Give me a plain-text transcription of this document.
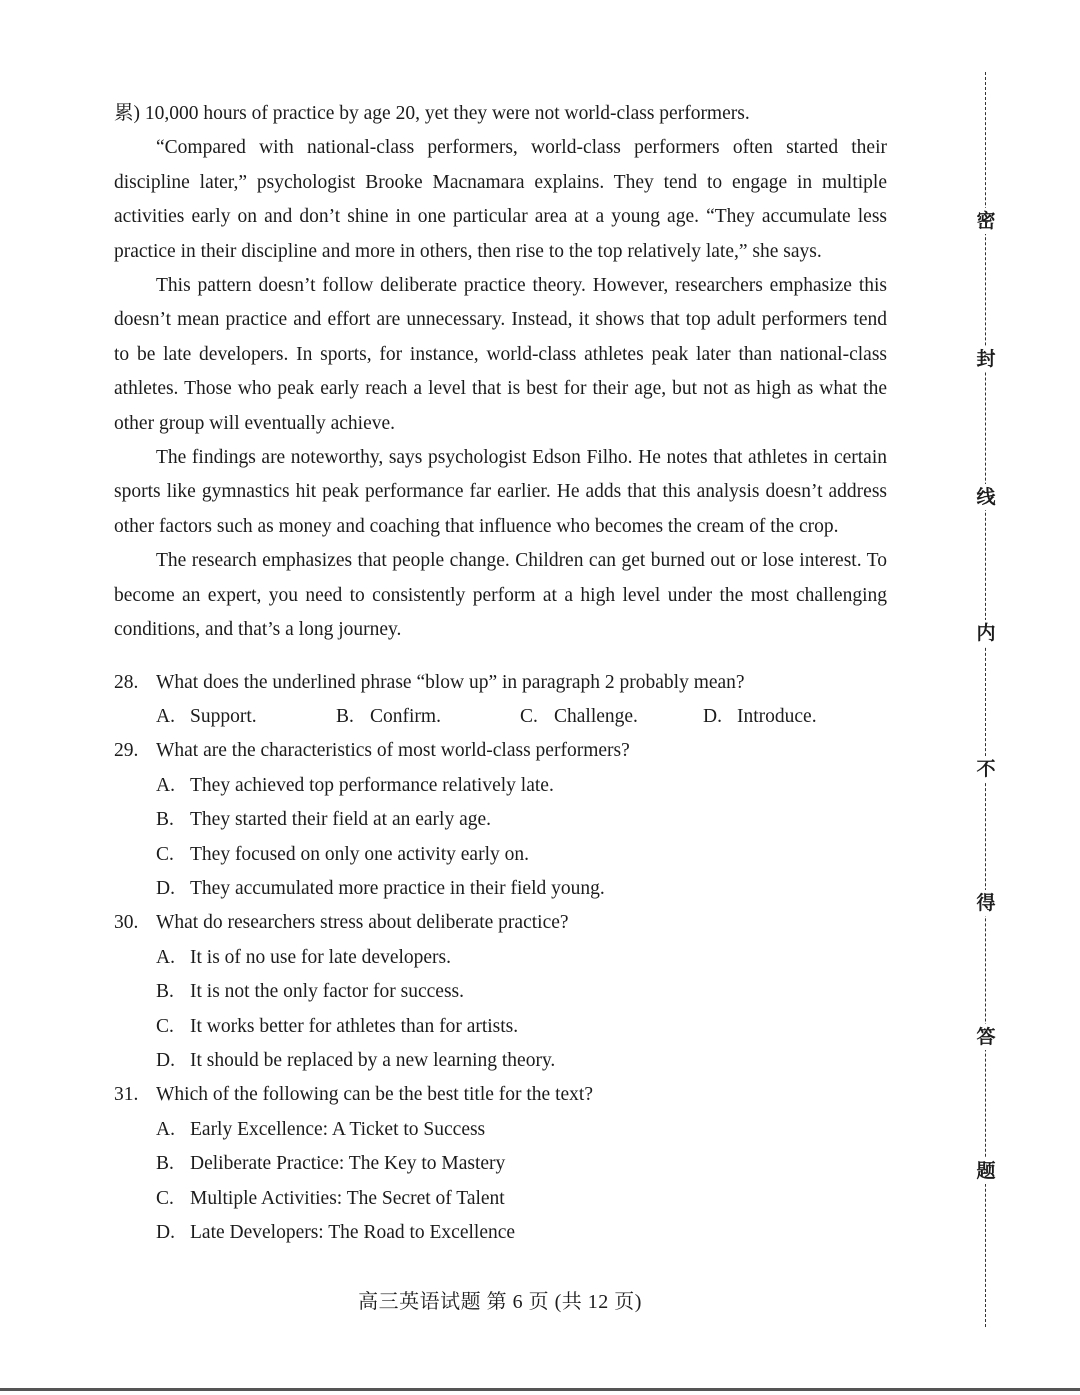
累) 10,000 hours of practice by age 20, yet they were not world-class performers.

“Compared with national-class performers, world-class performers often started their discipline later,” psychologist Brooke Macnamara explains. They tend to engage in multiple activities early on and don’t shine in one particular area at a young age. “They accumulate less practice in their discipline and more in others, then rise to the top relatively late,” she says.

This pattern doesn’t follow deliberate practice theory. However, researchers emphasize this doesn’t mean practice and effort are unnecessary. Instead, it shows that top adult performers tend to be late developers. In sports, for instance, world-class athletes peak later than national-class athletes. Those who peak early reach a level that is best for their age, but not as high as what the other group will eventually achieve.

The findings are noteworthy, says psychologist Edson Filho. He notes that athletes in certain sports like gymnastics hit peak performance far earlier. He adds that this analysis doesn’t address other factors such as money and coaching that influence who becomes the cream of the crop.

The research emphasizes that people change. Children can get burned out or lose interest. To become an expert, you need to consistently perform at a high level under the most challenging conditions, and that’s a long journey.

28. What does the underlined phrase “blow up” in paragraph 2 probably mean?
A. Support.	B. Confirm.	C. Challenge.	D. Introduce.
29. What are the characteristics of most world-class performers?
A. They achieved top performance relatively late.
B. They started their field at an early age.
C. They focused on only one activity early on.
D. They accumulated more practice in their field young.
30. What do researchers stress about deliberate practice?
A. It is of no use for late developers.
B. It is not the only factor for success.
C. It works better for athletes than for artists.
D. It should be replaced by a new learning theory.
31. Which of the following can be the best title for the text?
A. Early Excellence: A Ticket to Success
B. Deliberate Practice: The Key to Mastery
C. Multiple Activities: The Secret of Talent
D. Late Developers: The Road to Excellence
高三英语试题 第 6 页 (共 12 页)
密
封
线
内
不
得
答
题
